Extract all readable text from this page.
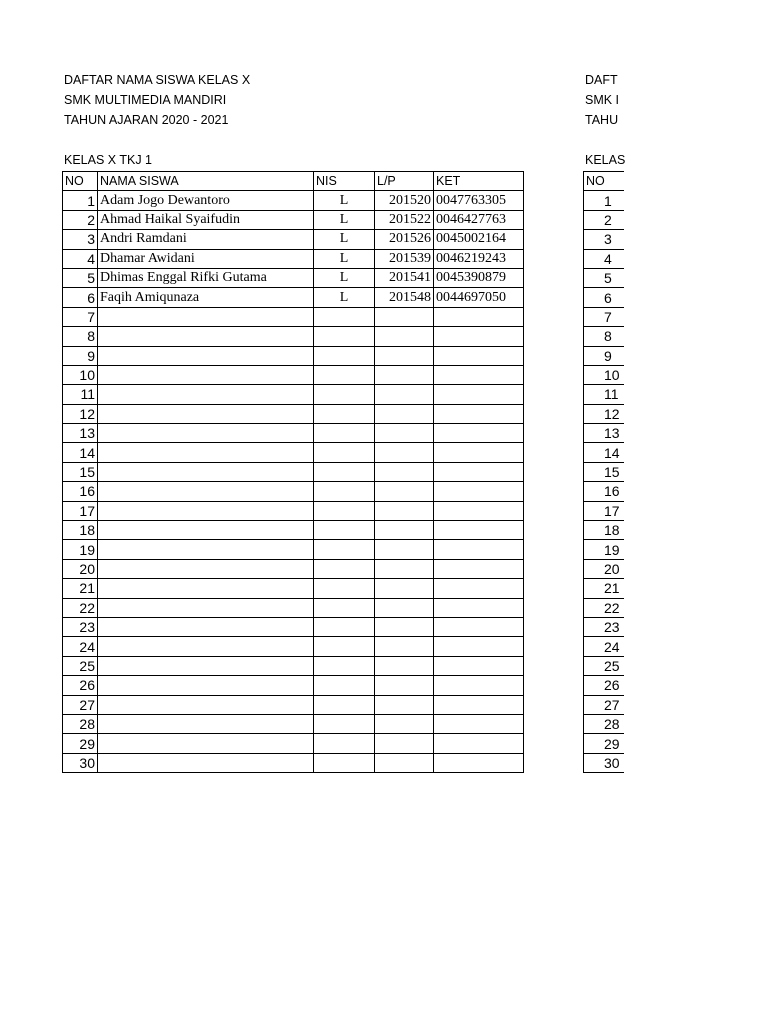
DAFTAR NAMA SISWA KELAS X
SMK MULTIMEDIA MANDIRI
TAHUN AJARAN 2020 - 2021
KELAS X TKJ 1
NO	NAMA SISWA	NIS	L/P	KET
1	Adam Jogo Dewantoro	L	201520	0047763305
2	Ahmad Haikal Syaifudin	L	201522	0046427763
3	Andri Ramdani	L	201526	0045002164
4	Dhamar Awidani	L	201539	0046219243
5	Dhimas Enggal Rifki Gutama	L	201541	0045390879
6	Faqih Amiqunaza	L	201548	0044697050
7				
8				
9				
10				
11				
12				
13				
14				
15				
16				
17				
18				
19				
20				
21				
22				
23				
24				
25				
26				
27				
28				
29				
30				
DAFT
SMK I
TAHU
KELAS
NO
1
2
3
4
5
6
7
8
9
10
11
12
13
14
15
16
17
18
19
20
21
22
23
24
25
26
27
28
29
30
